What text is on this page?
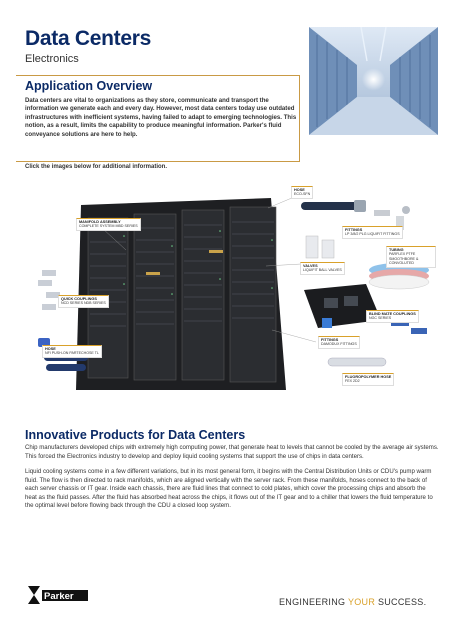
Data Centers
Electronics
Application Overview
Data centers are vital to organizations as they store, communicate and transport the information we generate each and every day. However, most data centers today use outdated infrastructures with inefficient systems, having failed to adapt to emerging technologies. This notion, as a result, limits the capability to produce meaningful information. Parker's fluid conveyance solutions are here to help.
Click the images below for additional information.
HOSE
ECO-SFN
MANIFOLD ASSEMBLY
COMPLETE SYSTEM MBD SERIES
FITTINGS
LP 3/8/2 PLG LIQUIFIT FITTINGS
VALVES
LIQUIFIT BALL VALVES
TUBING
PARFLEX PTFE SMOOTHBORE & CONVOLUTED
QUICK COUPLINGS
NCD SERIES NDB SERIES
BLIND MATE COUPLINGS
NGC SERIES
HOSE
NFI PUSH-ON PARTECHOSE TL
FITTINGS
DAMODUX FITTINGS
FLUOROPOLYMER HOSE
FEX 2D2
Innovative Products for Data Centers

Chip manufacturers developed chips with extremely high computing power, that generate heat to levels that cannot be cooled by the average air systems. This forced the Electronics industry to develop and deploy liquid cooling systems that support the use of chips in data centers.

Liquid cooling systems come in a few different variations, but in its most general form, it begins with the Central Distribution Units or CDU's pump warm fluid. The flow is then directed to rack manifolds, which are aligned vertically with the server rack. From these manifolds, hoses connect to the back of each server chassis or IT gear. Inside each chassis, there are fluid lines that connect to cold plates, which cover the processing chips and absorb the heat as the fluid passes. After the fluid has absorbed heat across the chips, it flows out of the IT gear and to a chiller that lowers the fluid temperature to the optimal level before flowing back through the CDU a closed loop system.

Parker	ENGINEERING YOUR SUCCESS.
